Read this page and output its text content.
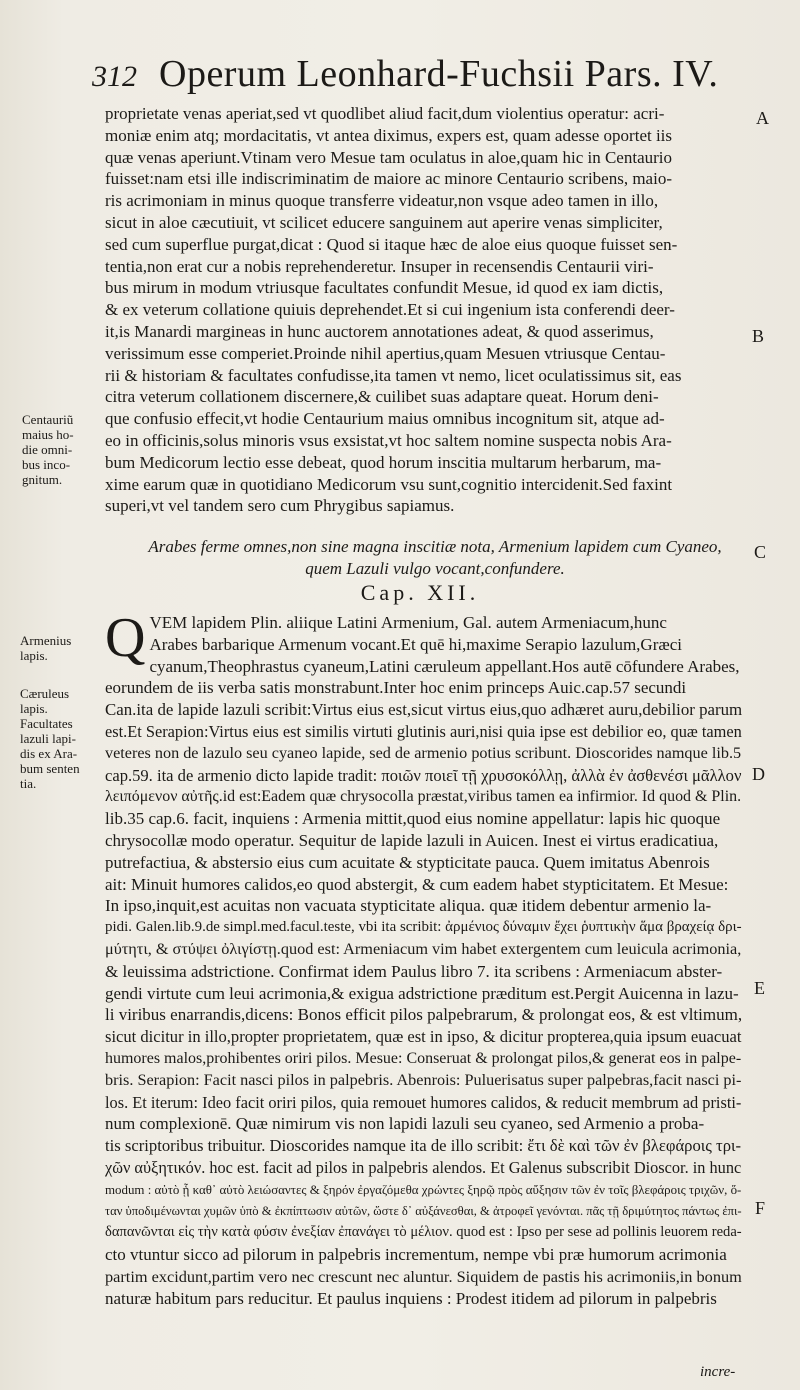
312 Operum Leonhard-Fuchsii Pars. IV.
proprietate venas aperiat,sed vt quodlibet aliud facit,dum violentius operatur: acri-
moniæ enim atq; mordacitatis, vt antea diximus, expers est, quam adesse oportet iis
quæ venas aperiunt.Vtinam vero Mesue tam oculatus in aloe,quam hic in Centaurio
fuisset:nam etsi ille indiscriminatim de maiore ac minore Centaurio scribens, maio-
ris acrimoniam in minus quoque transferre videatur,non vsque adeo tamen in illo,
sicut in aloe cæcutiuit, vt scilicet educere sanguinem aut aperire venas simpliciter,
sed cum superflue purgat,dicat : Quod si itaque hæc de aloe eius quoque fuisset sen-
tentia,non erat cur a nobis reprehenderetur. Insuper in recensendis Centaurii viri-
bus mirum in modum vtriusque facultates confundit Mesue, id quod ex iam dictis,
& ex veterum collatione quiuis deprehendet.Et si cui ingenium ista conferendi deer-
it,is Manardi margineas in hunc auctorem annotationes adeat, & quod asserimus,
verissimum esse comperiet.Proinde nihil apertius,quam Mesuen vtriusque Centau-
rii & historiam & facultates confudisse,ita tamen vt nemo, licet oculatissimus sit, eas
citra veterum collationem discernere,& cuilibet suas adaptare queat. Horum deni-
que confusio effecit,vt hodie Centaurium maius omnibus incognitum sit, atque ad-
eo in officinis,solus minoris vsus exsistat,vt hoc saltem nomine suspecta nobis Ara-
bum Medicorum lectio esse debeat, quod horum inscitia multarum herbarum, ma-
xime earum quæ in quotidiano Medicorum vsu sunt,cognitio intercidenit.Sed faxint
superi,vt vel tandem sero cum Phrygibus sapiamus.
Arabes ferme omnes,non sine magna inscitiæ nota, Armenium lapidem cum Cyaneo,
quem Lazuli vulgo vocant,confundere.
Cap. XII.
Q VEM lapidem Plin. aliique Latini Armenium, Gal. autem Armeniacum,hunc
Arabes barbarique Armenum vocant.Et quē hi,maxime Serapio lazulum,Græci
cyanum,Theophrastus cyaneum,Latini cæruleum appellant.Hos autē cōfundere Arabes,
eorundem de iis verba satis monstrabunt.Inter hoc enim princeps Auic.cap.57 secundi
Can.ita de lapide lazuli scribit:Virtus eius est,sicut virtus eius,quo adhæret auru,debilior parum
est.Et Serapion:Virtus eius est similis virtuti glutinis auri,nisi quia ipse est debilior eo, quæ tamen
veteres non de lazulo seu cyaneo lapide, sed de armenio potius scribunt. Dioscorides namque lib.5
cap.59. ita de armenio dicto lapide tradit: ποιῶν ποιεῖ τῇ χρυσοκόλλῃ, ἀλλὰ ἐν ἀσθενέσι μᾶλλον
λειπόμενον αὐτῆς.id est:Eadem quæ chrysocolla præstat,viribus tamen ea infirmior. Id quod & Plin.
lib.35 cap.6. facit, inquiens : Armenia mittit,quod eius nomine appellatur: lapis hic quoque
chrysocollæ modo operatur. Sequitur de lapide lazuli in Auicen. Inest ei virtus eradicatiua,
putrefactiua, & abstersio eius cum acuitate & stypticitate pauca. Quem imitatus Abenrois
ait: Minuit humores calidos,eo quod abstergit, & cum eadem habet stypticitatem. Et Mesue:
In ipso,inquit,est acuitas non vacuata stypticitate aliqua. quæ itidem debentur armenio la-
pidi. Galen.lib.9.de simpl.med.facul.teste, vbi ita scribit: ἀρμένιος δύναμιν ἔχει ῥυπτικὴν ἅμα βραχείᾳ δρι-
μύτητι, & στύψει ὀλιγίστῃ.quod est: Armeniacum vim habet extergentem cum leuicula acrimonia,
& leuissima adstrictione. Confirmat idem Paulus libro 7. ita scribens : Armeniacum abster-
gendi virtute cum leui acrimonia,& exigua adstrictione præditum est.Pergit Auicenna in lazu-
li viribus enarrandis,dicens: Bonos efficit pilos palpebrarum, & prolongat eos, & est vltimum,
sicut dicitur in illo,propter proprietatem, quæ est in ipso, & dicitur propterea,quia ipsum euacuat
humores malos,prohibentes oriri pilos. Mesue: Conseruat & prolongat pilos,& generat eos in palpe-
bris. Serapion: Facit nasci pilos in palpebris. Abenrois: Puluerisatus super palpebras,facit nasci pi-
los. Et iterum: Ideo facit oriri pilos, quia remouet humores calidos, & reducit membrum ad pristi-
num complexionē. Quæ nimirum vis non lapidi lazuli seu cyaneo, sed Armenio a proba-
tis scriptoribus tribuitur. Dioscorides namque ita de illo scribit: ἔτι δὲ καὶ τῶν ἐν βλεφάροις τρι-
χῶν αὐξητικόν. hoc est. facit ad pilos in palpebris alendos. Et Galenus subscribit Dioscor. in hunc
modum : αὐτὸ ᾗ καθ᾽ αὐτὸ λειώσαντες & ξηρόν ἐργαζόμεθα χρώντες ξηρῷ πρὸς αὔξησιν τῶν ἐν τοῖς βλεφάροις τριχῶν, ὅ-
ταν ὑποδιμένωνται χυμῶν ὑπὸ & ἐκπίπτωσιν αὐτῶν, ὥστε δ᾽ αὐξάνεσθαι, & ἀτροφεῖ γενόνται. πᾶς τῇ δριμύτητος πάντως ἐπι-
δαπανῶνται εἰς τὴν κατὰ φύσιν ἐνεξίαν ἐπανάγει τὸ μέλιον. quod est : Ipso per sese ad pollinis leuorem reda-
cto vtuntur sicco ad pilorum in palpebris incrementum, nempe vbi præ humorum acrimonia
partim excidunt,partim vero nec crescunt nec aluntur. Siquidem de pastis his acrimoniis,in bonum
naturæ habitum pars reducitur. Et paulus inquiens : Prodest itidem ad pilorum in palpebris
Centauriũ
maius ho-
die omni-
bus inco-
gnitum.
Armenius
lapis.
Cæruleus
lapis.
Facultates
lazuli lapi-
dis ex Ara-
bum senten
tia.
A
B
C
D
E
F
incre-
